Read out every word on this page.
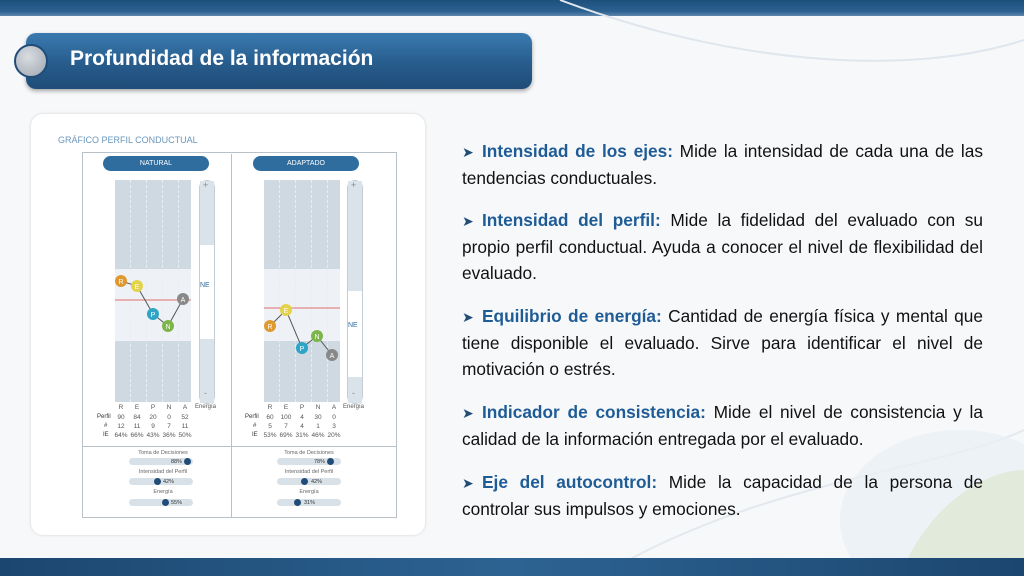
Profundidad de la información
GRÁFICO PERFIL CONDUCTUAL
NATURAL
R
E
P
N
A
+
-
NE
Energía
R E P N A
Perfil	90 84 20 0 52
#	12 11 9 7 11
IE 64% 66% 43% 36% 50%
Toma de Decisiones
88%
Intensidad del Perfil
42%
Energía
55%
ADAPTADO
R
E
P
N
A
+
-
NE
Energía
R E P N A
Perfil	60 100 4 30 0
#	5 7 4 1 3
IE 53% 69% 31% 46% 20%
Toma de Decisiones
78%
Intensidad del Perfil
42%
Energía
31%
➤ Intensidad de los ejes: Mide la intensidad de cada una de las tendencias conductuales.
➤ Intensidad del perfil: Mide la fidelidad del evaluado con su propio perfil conductual. Ayuda a conocer el nivel de flexibilidad del evaluado.
➤ Equilibrio de energía: Cantidad de energía física y mental que tiene disponible el evaluado. Sirve para identificar el nivel de motivación o estrés.
➤ Indicador de consistencia: Mide el nivel de consistencia y la calidad de la información entregada por el evaluado.
➤ Eje del autocontrol: Mide la capacidad de la persona de controlar sus impulsos y emociones.
